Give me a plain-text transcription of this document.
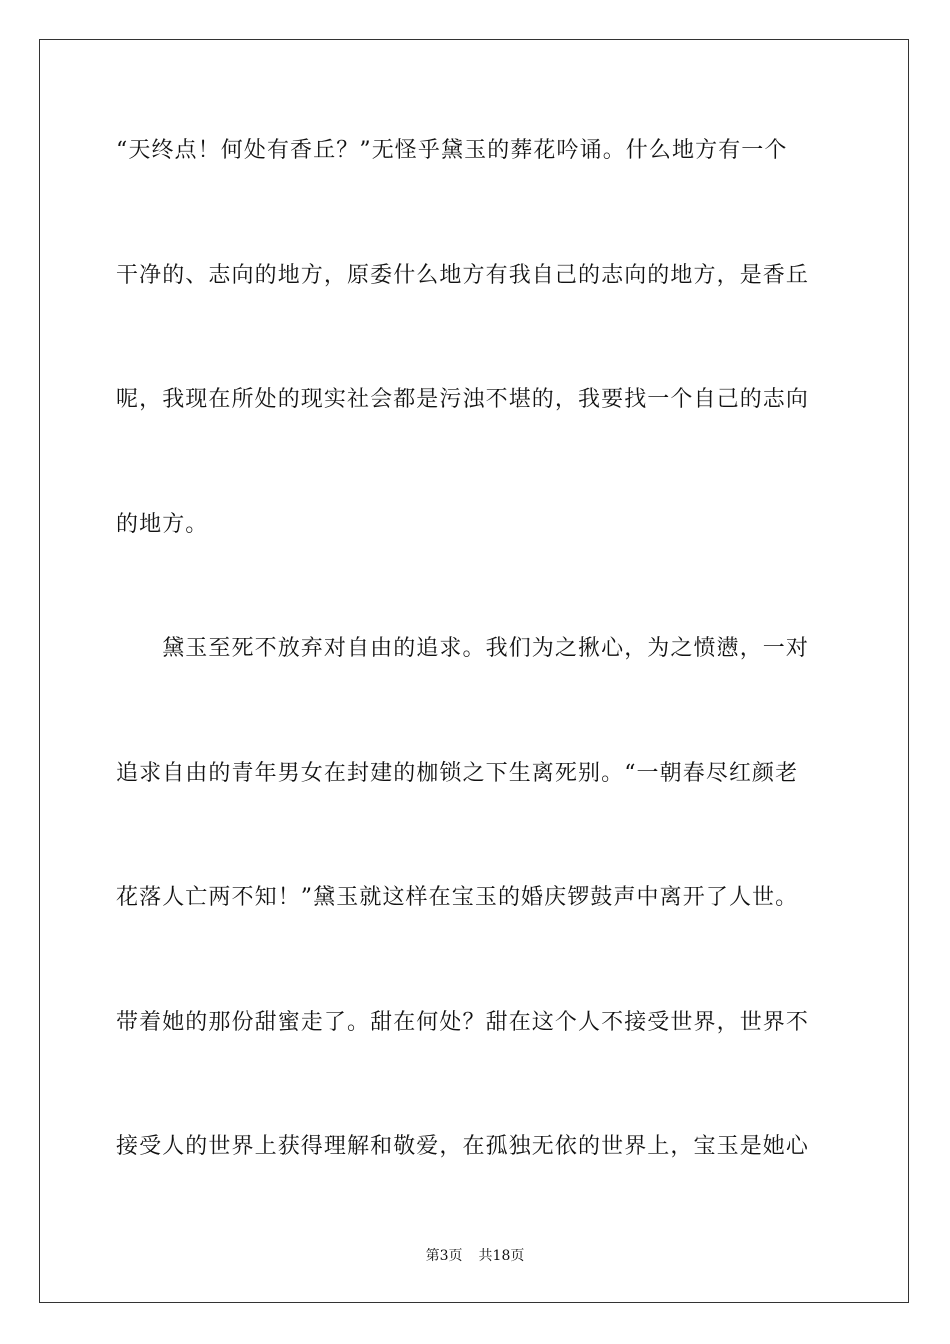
“天终点！何处有香丘？”无怪乎黛玉的葬花吟诵。什么地方有一个
干净的、志向的地方，原委什么地方有我自己的志向的地方，是香丘
呢，我现在所处的现实社会都是污浊不堪的，我要找一个自己的志向
的地方。
　　黛玉至死不放弃对自由的追求。我们为之揪心，为之愤懑，一对
追求自由的青年男女在封建的枷锁之下生离死别。“一朝春尽红颜老
花落人亡两不知！”黛玉就这样在宝玉的婚庆锣鼓声中离开了人世。
带着她的那份甜蜜走了。甜在何处？甜在这个人不接受世界，世界不
接受人的世界上获得理解和敬爱，在孤独无依的世界上，宝玉是她心
第3页 共18页
